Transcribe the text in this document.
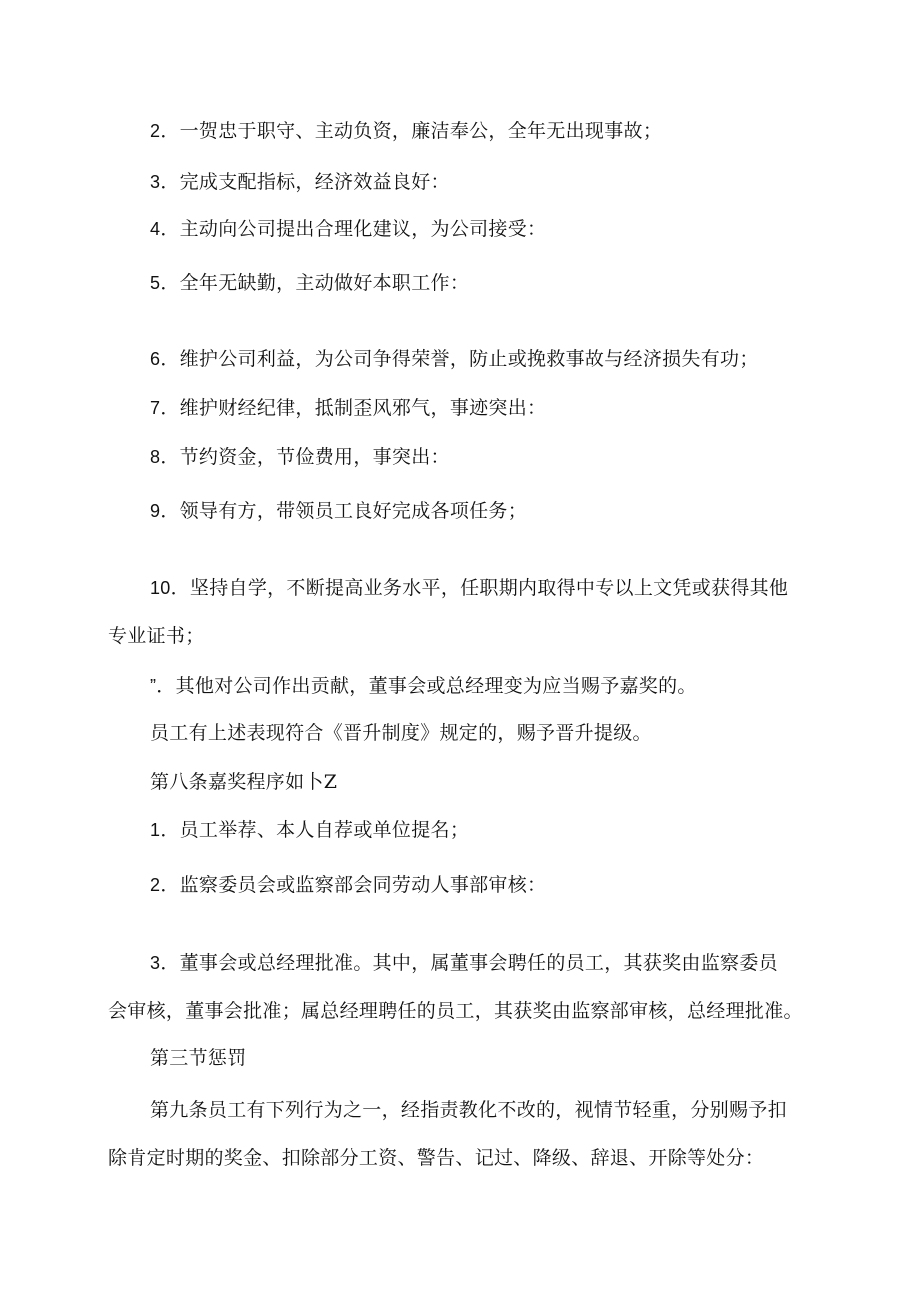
2．一贺忠于职守、主动负资，廉洁奉公，全年无出现事故；
3．完成支配指标，经济效益良好：
4．主动向公司提出合理化建议，为公司接受：
5．全年无缺勤，主动做好本职工作：
6．维护公司利益，为公司争得荣誉，防止或挽救事故与经济损失有功；
7．维护财经纪律，抵制歪风邪气，事迹突出：
8．节约资金，节俭费用，事突出：
9．领导有方，带领员工良好完成各项任务；
10．坚持自学，不断提高业务水平，任职期内取得中专以上文凭或获得其他
专业证书；
”．其他对公司作出贡献，董事会或总经理变为应当赐予嘉奖的。
员工有上述表现符合《晋升制度》规定的，赐予晋升提级。
第八条嘉奖程序如卜Z
1．员工举荐、本人自荐或单位提名；
2．监察委员会或监察部会同劳动人事部审核：
3．董事会或总经理批准。其中，属董事会聘任的员工，其获奖由监察委员
会审核，董事会批准；属总经理聘任的员工，其获奖由监察部审核，总经理批准。
第三节惩罚
第九条员工有下列行为之一，经指责教化不改的，视情节轻重，分别赐予扣
除肯定时期的奖金、扣除部分工资、警告、记过、降级、辞退、开除等处分：
